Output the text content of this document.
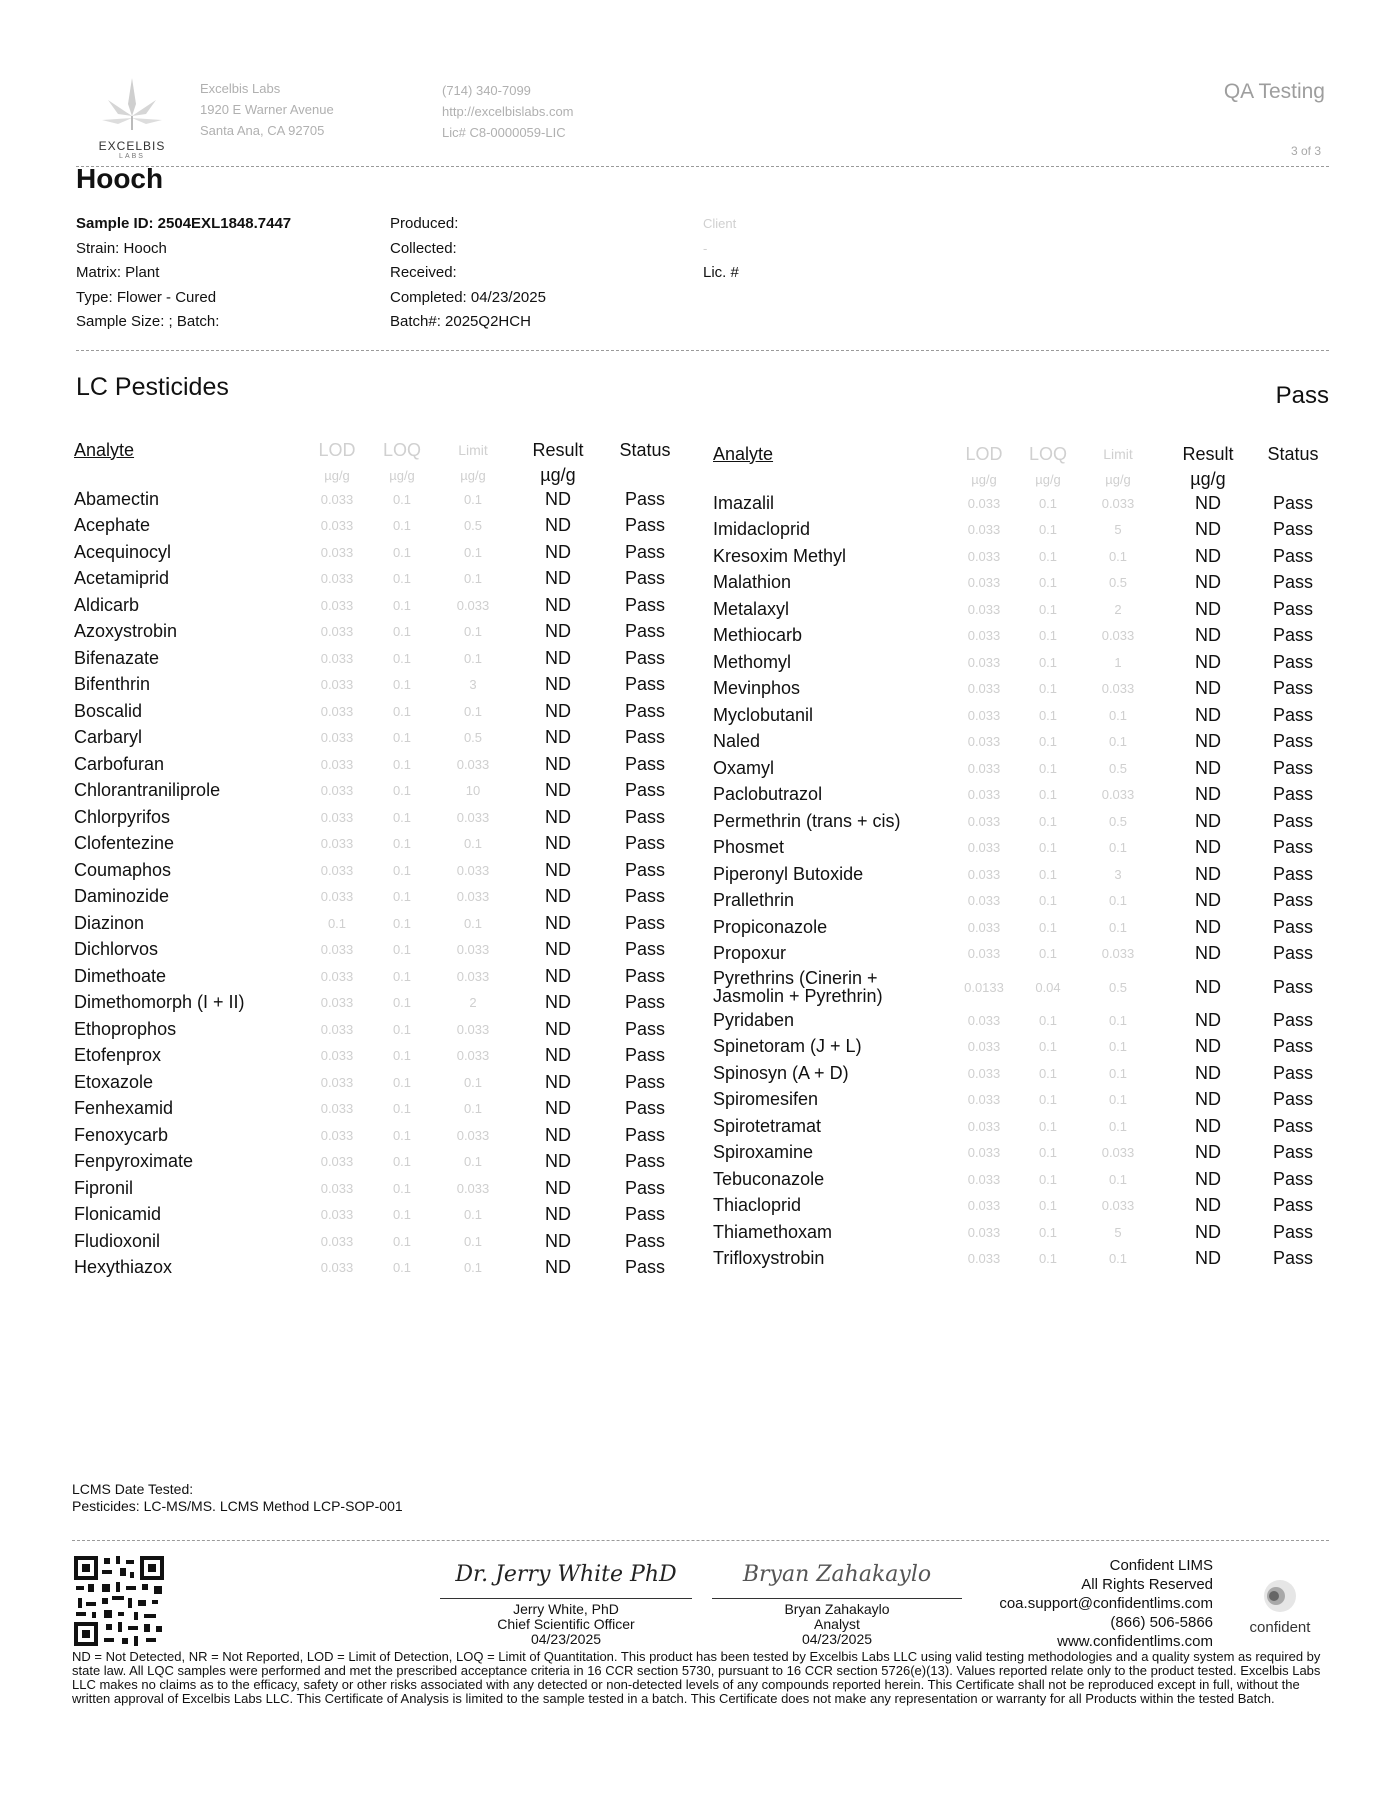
EXCELBIS
LABS
Excelbis Labs
1920 E Warner Avenue
Santa Ana, CA 92705
(714) 340-7099
http://excelbislabs.com
Lic# C8-0000059-LIC
QA Testing
3 of 3
Hooch
Sample ID: 2504EXL1848.7447
Strain: Hooch
Matrix: Plant
Type: Flower - Cured
Sample Size: ; Batch:
Produced:
Collected:
Received:
Completed: 04/23/2025
Batch#: 2025Q2HCH
Client
-
Lic. #
LC Pesticides	Pass
Analyte	LOD	LOQ	Limit	Result	Status
	µg/g	µg/g	µg/g	µg/g	
Abamectin	0.033	0.1	0.1	ND	Pass
Acephate	0.033	0.1	0.5	ND	Pass
Acequinocyl	0.033	0.1	0.1	ND	Pass
Acetamiprid	0.033	0.1	0.1	ND	Pass
Aldicarb	0.033	0.1	0.033	ND	Pass
Azoxystrobin	0.033	0.1	0.1	ND	Pass
Bifenazate	0.033	0.1	0.1	ND	Pass
Bifenthrin	0.033	0.1	3	ND	Pass
Boscalid	0.033	0.1	0.1	ND	Pass
Carbaryl	0.033	0.1	0.5	ND	Pass
Carbofuran	0.033	0.1	0.033	ND	Pass
Chlorantraniliprole	0.033	0.1	10	ND	Pass
Chlorpyrifos	0.033	0.1	0.033	ND	Pass
Clofentezine	0.033	0.1	0.1	ND	Pass
Coumaphos	0.033	0.1	0.033	ND	Pass
Daminozide	0.033	0.1	0.033	ND	Pass
Diazinon	0.1	0.1	0.1	ND	Pass
Dichlorvos	0.033	0.1	0.033	ND	Pass
Dimethoate	0.033	0.1	0.033	ND	Pass
Dimethomorph (I + II)	0.033	0.1	2	ND	Pass
Ethoprophos	0.033	0.1	0.033	ND	Pass
Etofenprox	0.033	0.1	0.033	ND	Pass
Etoxazole	0.033	0.1	0.1	ND	Pass
Fenhexamid	0.033	0.1	0.1	ND	Pass
Fenoxycarb	0.033	0.1	0.033	ND	Pass
Fenpyroximate	0.033	0.1	0.1	ND	Pass
Fipronil	0.033	0.1	0.033	ND	Pass
Flonicamid	0.033	0.1	0.1	ND	Pass
Fludioxonil	0.033	0.1	0.1	ND	Pass
Hexythiazox	0.033	0.1	0.1	ND	Pass
Analyte	LOD	LOQ	Limit	Result	Status
	µg/g	µg/g	µg/g	µg/g	
Imazalil	0.033	0.1	0.033	ND	Pass
Imidacloprid	0.033	0.1	5	ND	Pass
Kresoxim Methyl	0.033	0.1	0.1	ND	Pass
Malathion	0.033	0.1	0.5	ND	Pass
Metalaxyl	0.033	0.1	2	ND	Pass
Methiocarb	0.033	0.1	0.033	ND	Pass
Methomyl	0.033	0.1	1	ND	Pass
Mevinphos	0.033	0.1	0.033	ND	Pass
Myclobutanil	0.033	0.1	0.1	ND	Pass
Naled	0.033	0.1	0.1	ND	Pass
Oxamyl	0.033	0.1	0.5	ND	Pass
Paclobutrazol	0.033	0.1	0.033	ND	Pass
Permethrin (trans + cis)	0.033	0.1	0.5	ND	Pass
Phosmet	0.033	0.1	0.1	ND	Pass
Piperonyl Butoxide	0.033	0.1	3	ND	Pass
Prallethrin	0.033	0.1	0.1	ND	Pass
Propiconazole	0.033	0.1	0.1	ND	Pass
Propoxur	0.033	0.1	0.033	ND	Pass
Pyrethrins (Cinerin + Jasmolin + Pyrethrin)	0.0133	0.04	0.5	ND	Pass
Pyridaben	0.033	0.1	0.1	ND	Pass
Spinetoram (J + L)	0.033	0.1	0.1	ND	Pass
Spinosyn (A + D)	0.033	0.1	0.1	ND	Pass
Spiromesifen	0.033	0.1	0.1	ND	Pass
Spirotetramat	0.033	0.1	0.1	ND	Pass
Spiroxamine	0.033	0.1	0.033	ND	Pass
Tebuconazole	0.033	0.1	0.1	ND	Pass
Thiacloprid	0.033	0.1	0.033	ND	Pass
Thiamethoxam	0.033	0.1	5	ND	Pass
Trifloxystrobin	0.033	0.1	0.1	ND	Pass
LCMS Date Tested:
Pesticides: LC-MS/MS. LCMS Method LCP-SOP-001
Dr. Jerry White PhD
Jerry White, PhD
Chief Scientific Officer
04/23/2025
Bryan Zahakaylo
Bryan Zahakaylo
Analyst
04/23/2025
Confident LIMS
All Rights Reserved
coa.support@confidentlims.com
(866) 506-5866
www.confidentlims.com
confident
ND = Not Detected, NR = Not Reported, LOD = Limit of Detection, LOQ = Limit of Quantitation. This product has been tested by Excelbis Labs LLC using valid testing methodologies and a quality system as required by state law. All LQC samples were performed and met the prescribed acceptance criteria in 16 CCR section 5730, pursuant to 16 CCR section 5726(e)(13). Values reported relate only to the product tested. Excelbis Labs LLC makes no claims as to the efficacy, safety or other risks associated with any detected or non-detected levels of any compounds reported herein. This Certificate shall not be reproduced except in full, without the written approval of Excelbis Labs LLC. This Certificate of Analysis is limited to the sample tested in a batch. This Certificate does not make any representation or warranty for all Products within the tested Batch.
